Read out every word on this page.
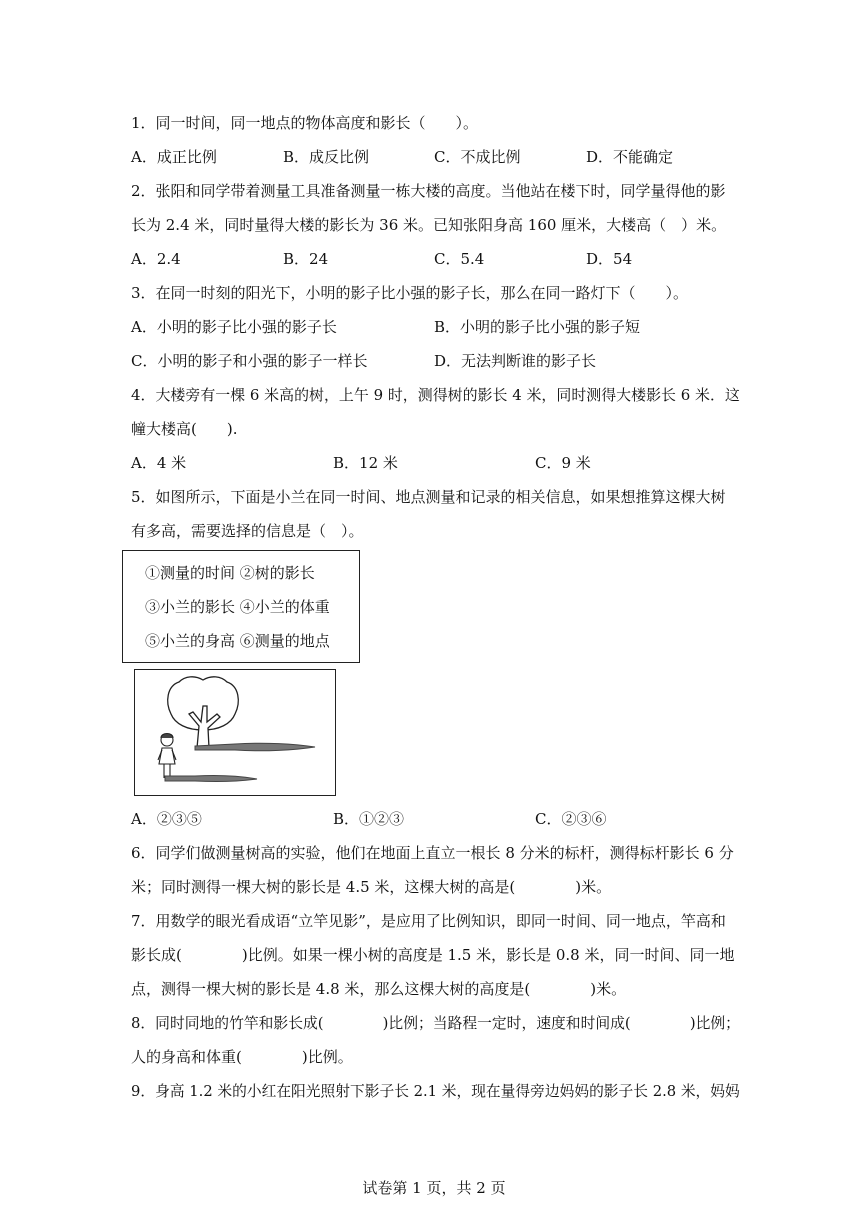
1．同一时间，同一地点的物体高度和影长（　　）。
A．成正比例	B．成反比例	C．不成比例	D．不能确定
2．张阳和同学带着测量工具准备测量一栋大楼的高度。当他站在楼下时，同学量得他的影
长为 2.4 米，同时量得大楼的影长为 36 米。已知张阳身高 160 厘米，大楼高（　）米。
A．2.4	B．24	C．5.4	D．54
3．在同一时刻的阳光下，小明的影子比小强的影子长，那么在同一路灯下（　　）。
A．小明的影子比小强的影子长	B．小明的影子比小强的影子短
C．小明的影子和小强的影子一样长	D．无法判断谁的影子长
4．大楼旁有一棵 6 米高的树，上午 9 时，测得树的影长 4 米，同时测得大楼影长 6 米．这
幢大楼高(　　).
A．4 米	B．12 米	C．9 米
5．如图所示，下面是小兰在同一时间、地点测量和记录的相关信息，如果想推算这棵大树
有多高，需要选择的信息是（　）。
①测量的时间 ②树的影长
③小兰的影长 ④小兰的体重
⑤小兰的身高 ⑥测量的地点
A．②③⑤	B．①②③	C．②③⑥
6．同学们做测量树高的实验，他们在地面上直立一根长 8 分米的标杆，测得标杆影长 6 分
米；同时测得一棵大树的影长是 4.5 米，这棵大树的高是(　　　　)米。
7．用数学的眼光看成语“立竿见影”，是应用了比例知识，即同一时间、同一地点，竿高和
影长成(　　　　)比例。如果一棵小树的高度是 1.5 米，影长是 0.8 米，同一时间、同一地
点，测得一棵大树的影长是 4.8 米，那么这棵大树的高度是(　　　　)米。
8．同时同地的竹竿和影长成(　　　　)比例；当路程一定时，速度和时间成(　　　　)比例；
人的身高和体重(　　　　)比例。
9．身高 1.2 米的小红在阳光照射下影子长 2.1 米，现在量得旁边妈妈的影子长 2.8 米，妈妈
试卷第 1 页，共 2 页
